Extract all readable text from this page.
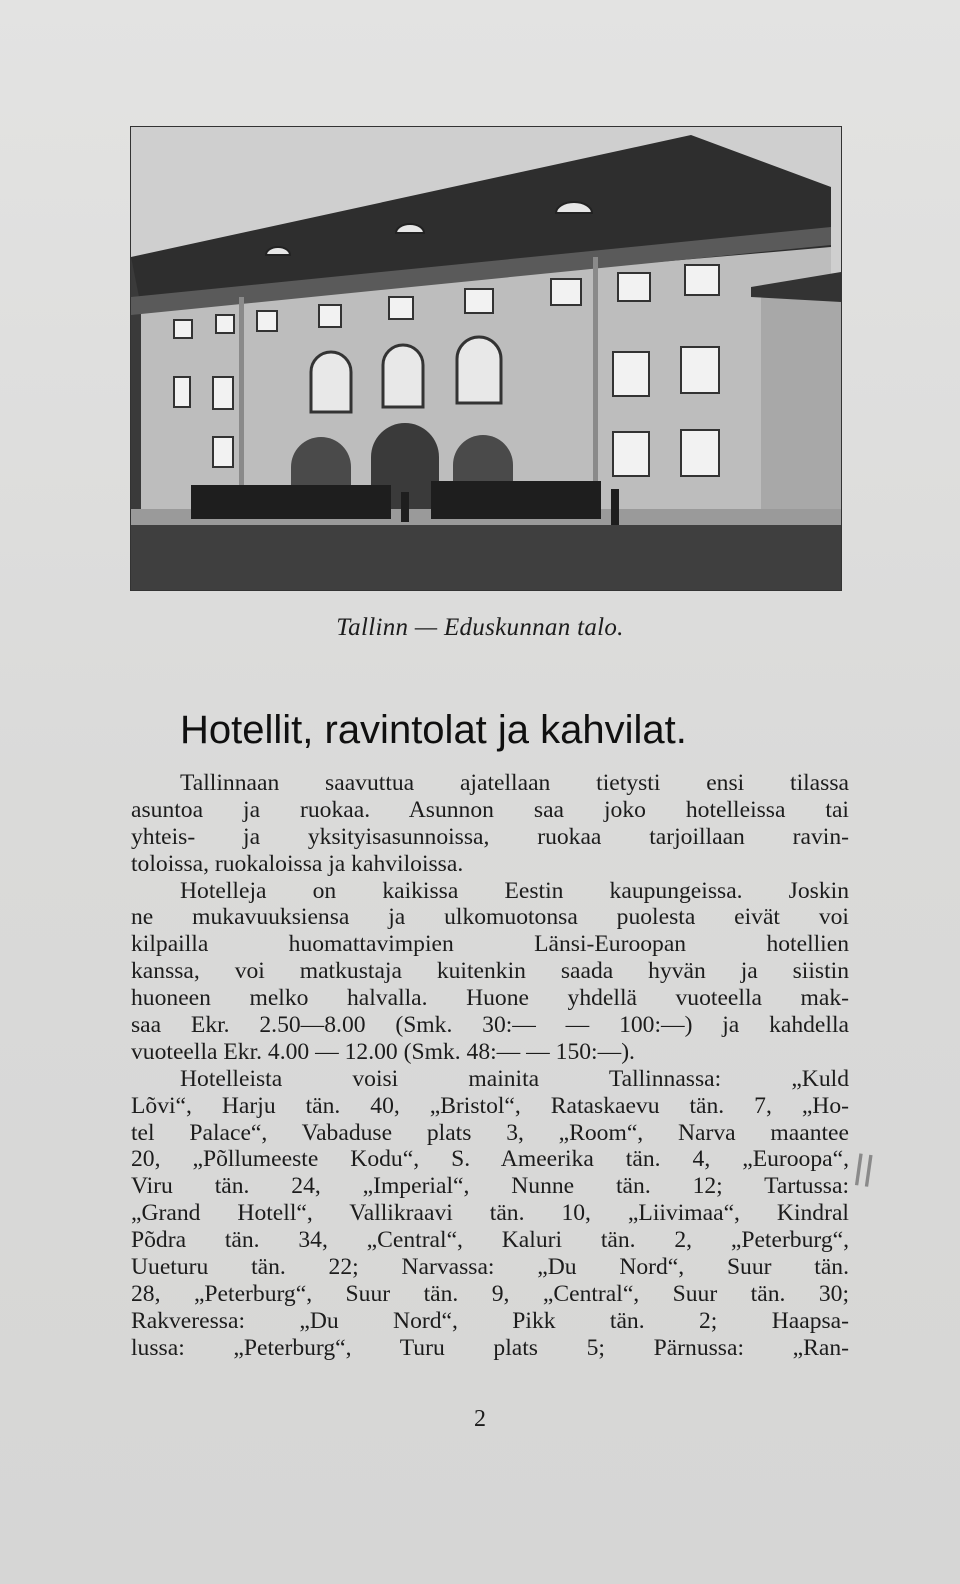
Tallinn — Eduskunnan talo.
Hotellit, ravintolat ja kahvilat.
Tallinnaan saavuttua ajatellaan tietysti ensi tilassa
asuntoa ja ruokaa. Asunnon saa joko hotelleissa tai
yhteis- ja yksityisasunnoissa, ruokaa tarjoillaan ravin-
toloissa, ruokaloissa ja kahviloissa.
Hotelleja on kaikissa Eestin kaupungeissa. Joskin
ne mukavuuksiensa ja ulkomuotonsa puolesta eivät voi
kilpailla huomattavimpien Länsi-Euroopan hotellien
kanssa, voi matkustaja kuitenkin saada hyvän ja siistin
huoneen melko halvalla. Huone yhdellä vuoteella mak-
saa Ekr. 2.50—8.00 (Smk. 30:— — 100:—) ja kahdella
vuoteella Ekr. 4.00 — 12.00 (Smk. 48:— — 150:—).
Hotelleista voisi mainita Tallinnassa: „Kuld
Lõvi“, Harju tän. 40, „Bristol“, Rataskaevu tän. 7, „Ho-
tel Palace“, Vabaduse plats 3, „Room“, Narva maantee
20, „Põllumeeste Kodu“, S. Ameerika tän. 4, „Euroopa“,
Viru tän. 24, „Imperial“, Nunne tän. 12; Tartussa:
„Grand Hotell“, Vallikraavi tän. 10, „Liivimaa“, Kindral
Põdra tän. 34, „Central“, Kaluri tän. 2, „Peterburg“,
Uueturu tän. 22; Narvassa: „Du Nord“, Suur tän.
28, „Peterburg“, Suur tän. 9, „Central“, Suur tän. 30;
Rakveressa: „Du Nord“, Pikk tän. 2; Haapsa-
lussa: „Peterburg“, Turu plats 5; Pärnussa: „Ran-
ǀǀ
2
